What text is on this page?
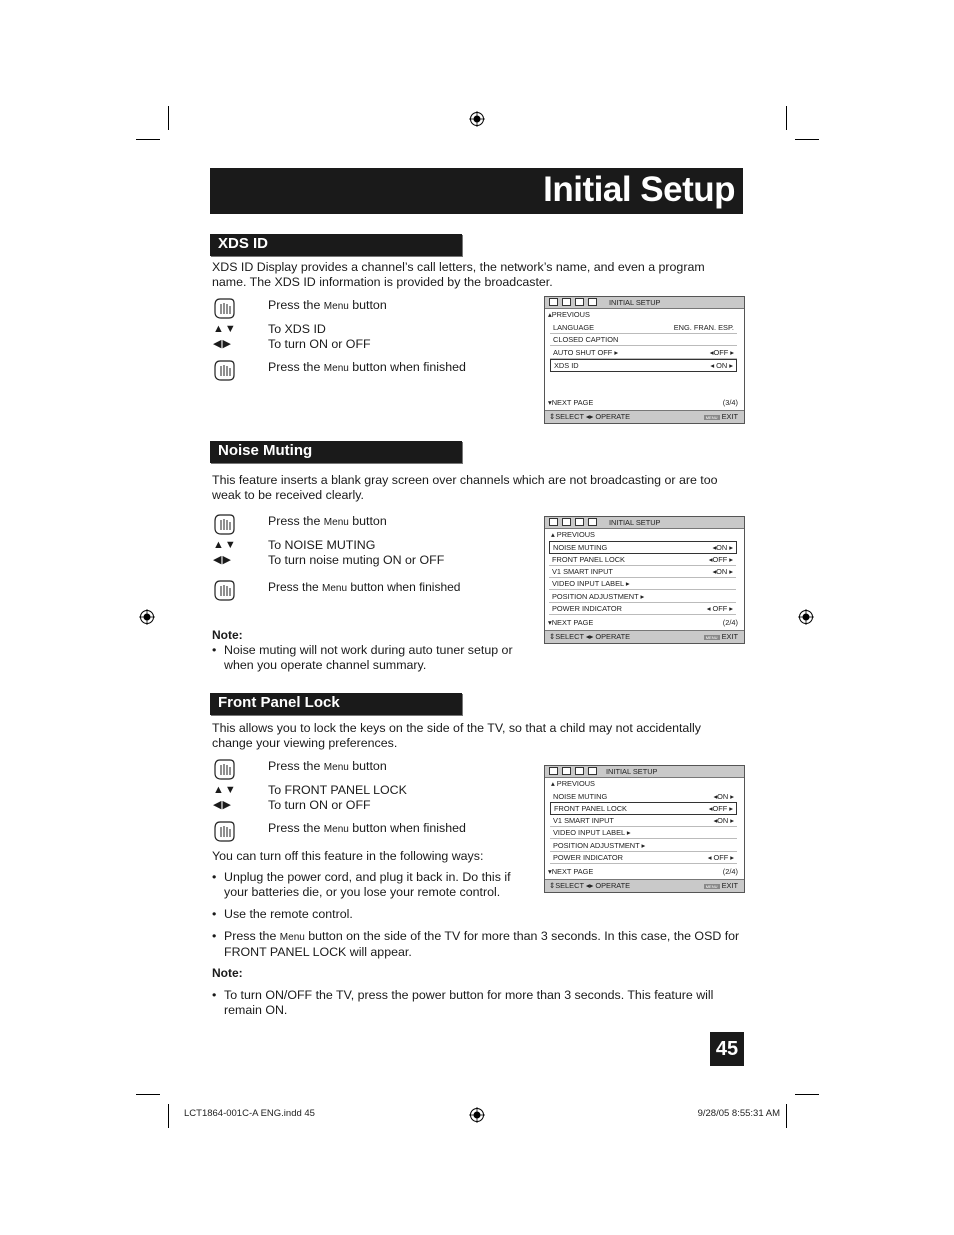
Initial Setup
XDS ID

XDS ID Display provides a channel’s call letters, the network’s name, and even a program name. The XDS ID information is provided by the broadcaster.

Press the Menu button
▲▼	To XDS ID
◀▶	To turn ON or OFF
Press the Menu button when finished
INITIAL SETUP
▴PREVIOUS
LANGUAGE	ENG. FRAN. ESP.
CLOSED CAPTION
AUTO SHUT OFF ▸	◂OFF ▸
XDS ID	◂ ON ▸
▾NEXT PAGE	(3/4)
⇕SELECT ◂▸ OPERATE	MENU EXIT
Noise Muting

This feature inserts a blank gray screen over channels which are not broadcasting or are too weak to be received clearly.

Press the Menu button
▲▼	To NOISE MUTING
◀▶	To turn noise muting ON or OFF
Press the Menu button when finished
Note:
• Noise muting will not work during auto tuner setup or when you operate channel summary.
INITIAL SETUP
▴ PREVIOUS
NOISE MUTING	◂ON ▸
FRONT PANEL LOCK	◂OFF ▸
V1 SMART INPUT	◂ON ▸
VIDEO INPUT LABEL ▸
POSITION ADJUSTMENT ▸
POWER INDICATOR	◂ OFF ▸
▾NEXT PAGE	(2/4)
⇕SELECT ◂▸ OPERATE	MENU EXIT
Front Panel Lock

This allows you to lock the keys on the side of the TV, so that a child may not accidentally change your viewing preferences.

Press the Menu button
▲▼	To FRONT PANEL LOCK
◀▶	To turn ON or OFF
Press the Menu button when finished
You can turn off this feature in the following ways:
• Unplug the power cord, and plug it back in. Do this if your batteries die, or you lose your remote control.
• Use the remote control.
• Press the Menu button on the side of the TV for more than 3 seconds. In this case, the OSD for FRONT PANEL LOCK will appear.
Note:
• To turn ON/OFF the TV, press the power button for more than 3 seconds. This feature will remain ON.
INITIAL SETUP
▴ PREVIOUS
NOISE MUTING	◂ON ▸
FRONT PANEL LOCK	◂OFF ▸
V1 SMART INPUT	◂ON ▸
VIDEO INPUT LABEL ▸
POSITION ADJUSTMENT ▸
POWER INDICATOR	◂ OFF ▸
▾NEXT PAGE	(2/4)
⇕SELECT ◂▸ OPERATE	MENU EXIT
45
LCT1864-001C-A ENG.indd 45	9/28/05 8:55:31 AM
